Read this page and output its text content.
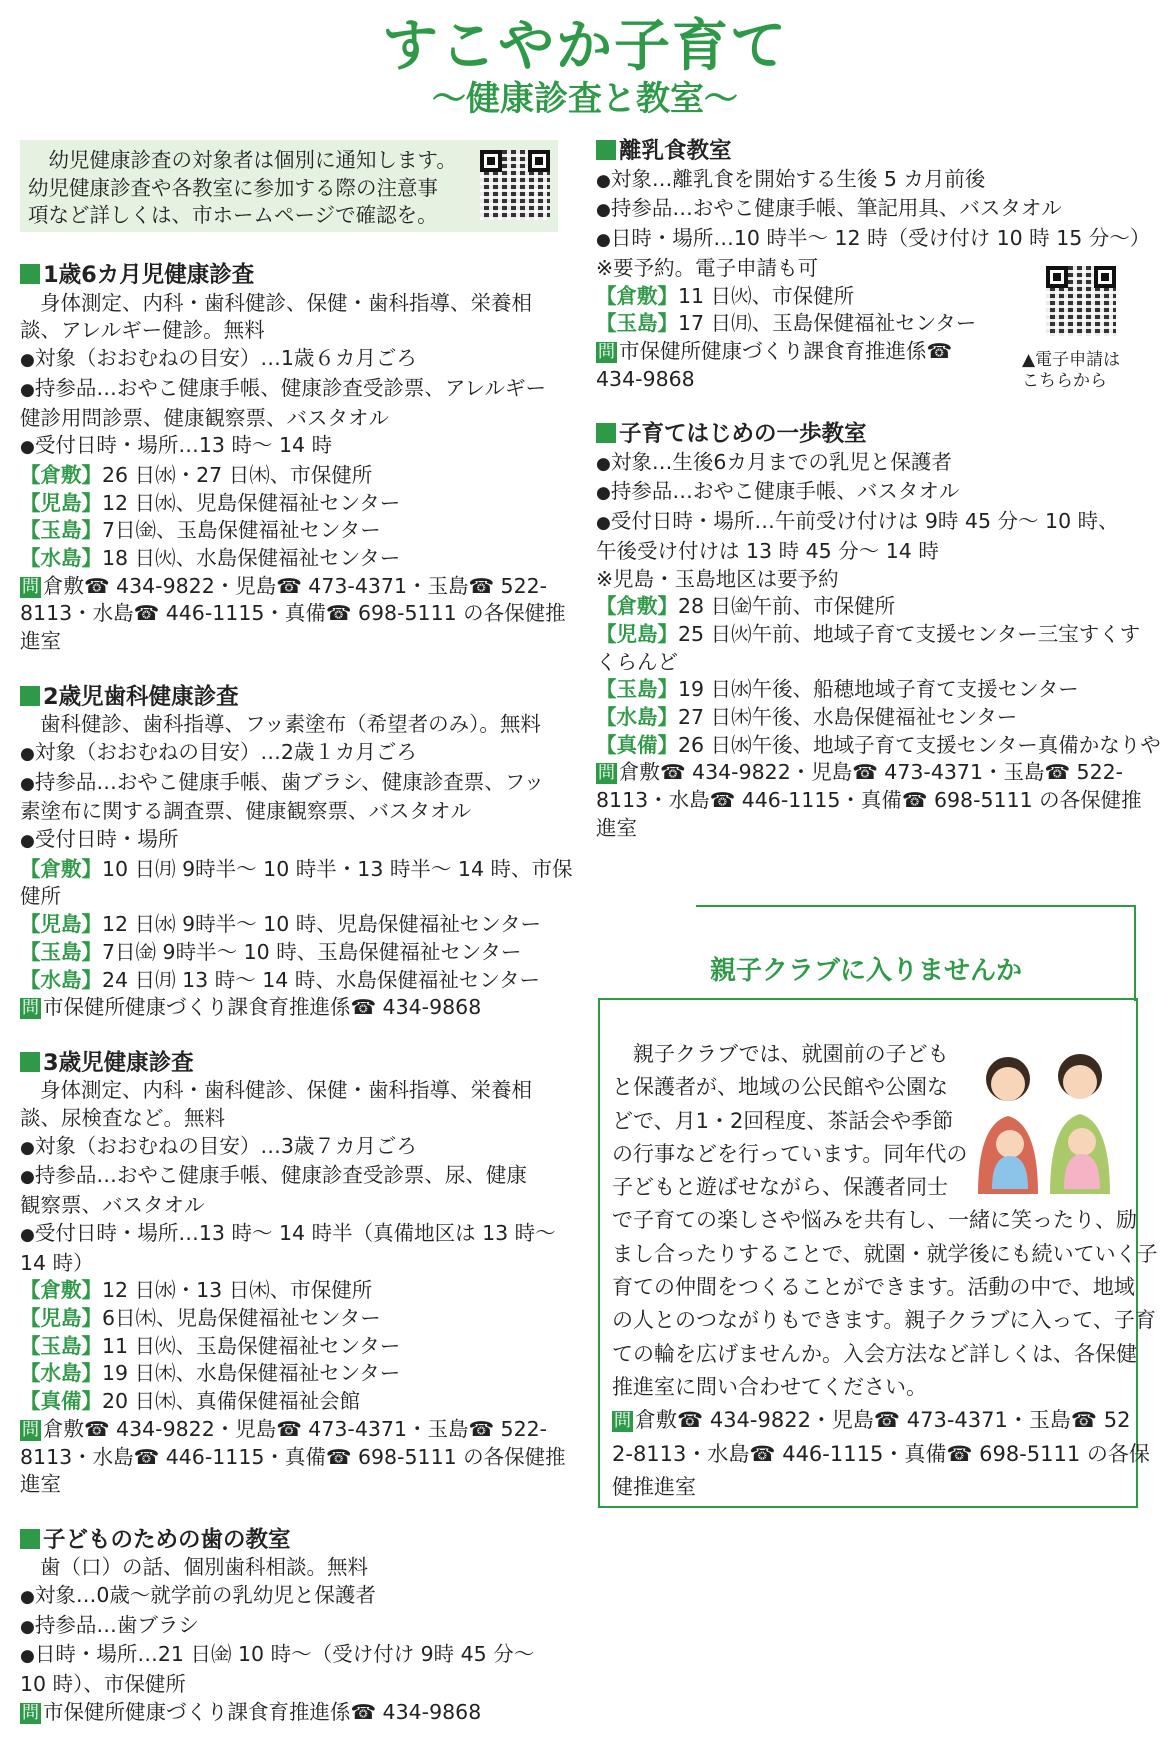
すこやか子育て
〜健康診査と教室〜

　幼児健康診査の対象者は個別に通知します。

幼児健康診査や各教室に参加する際の注意事

項など詳しくは、市ホームページで確認を。

1歳6カ月児健康診査

身体測定、内科・歯科健診、保健・歯科指導、栄養相

談、アレルギー健診。無料

●対象（おおむねの目安）…1歳６カ月ごろ

●持参品…おやこ健康手帳、健康診査受診票、アレルギー

健診用問診票、健康観察票、バスタオル

●受付日時・場所…13 時〜 14 時

【倉敷】26 日㈬・27 日㈭、市保健所

【児島】12 日㈬、児島保健福祉センター

【玉島】7日㈮、玉島保健福祉センター

【水島】18 日㈫、水島保健福祉センター

問 倉敷☎ 434-9822・児島☎ 473-4371・玉島☎ 522-

8113・水島☎ 446-1115・真備☎ 698-5111 の各保健推

進室

2歳児歯科健康診査

歯科健診、歯科指導、フッ素塗布（希望者のみ）。無料

●対象（おおむねの目安）…2歳１カ月ごろ

●持参品…おやこ健康手帳、歯ブラシ、健康診査票、フッ

素塗布に関する調査票、健康観察票、バスタオル

●受付日時・場所

【倉敷】10 日㈪ 9時半〜 10 時半・13 時半〜 14 時、市保

健所

【児島】12 日㈬ 9時半〜 10 時、児島保健福祉センター

【玉島】7日㈮ 9時半〜 10 時、玉島保健福祉センター

【水島】24 日㈪ 13 時〜 14 時、水島保健福祉センター

問 市保健所健康づくり課食育推進係☎ 434-9868

3歳児健康診査

身体測定、内科・歯科健診、保健・歯科指導、栄養相

談、尿検査など。無料

●対象（おおむねの目安）…3歳７カ月ごろ

●持参品…おやこ健康手帳、健康診査受診票、尿、健康

観察票、バスタオル

●受付日時・場所…13 時〜 14 時半（真備地区は 13 時〜

14 時）

【倉敷】12 日㈬・13 日㈭、市保健所

【児島】6日㈭、児島保健福祉センター

【玉島】11 日㈫、玉島保健福祉センター

【水島】19 日㈭、水島保健福祉センター

【真備】20 日㈭、真備保健福祉会館

問 倉敷☎ 434-9822・児島☎ 473-4371・玉島☎ 522-

8113・水島☎ 446-1115・真備☎ 698-5111 の各保健推

進室

子どものための歯の教室

歯（口）の話、個別歯科相談。無料

●対象…0歳〜就学前の乳幼児と保護者

●持参品…歯ブラシ

●日時・場所…21 日㈮ 10 時〜（受け付け 9時 45 分〜

10 時）、市保健所

問 市保健所健康づくり課食育推進係☎ 434-9868

離乳食教室

●対象…離乳食を開始する生後 5 カ月前後

●持参品…おやこ健康手帳、筆記用具、バスタオル

●日時・場所…10 時半〜 12 時（受け付け 10 時 15 分〜）

※要予約。電子申請も可

【倉敷】11 日㈫、市保健所

【玉島】17 日㈪、玉島保健福祉センター

問 市保健所健康づくり課食育推進係☎

434-9868

子育てはじめの一歩教室

●対象…生後6カ月までの乳児と保護者

●持参品…おやこ健康手帳、バスタオル

●受付日時・場所…午前受け付けは 9時 45 分〜 10 時、

午後受け付けは 13 時 45 分〜 14 時

※児島・玉島地区は要予約

【倉敷】28 日㈮午前、市保健所

【児島】25 日㈫午前、地域子育て支援センター三宝すくす

くらんど

【玉島】19 日㈬午後、船穂地域子育て支援センター

【水島】27 日㈭午後、水島保健福祉センター

【真備】26 日㈬午後、地域子育て支援センター真備かなりや

問 倉敷☎ 434-9822・児島☎ 473-4371・玉島☎ 522-

8113・水島☎ 446-1115・真備☎ 698-5111 の各保健推

進室

▲電子申請は

こちらから

親子クラブに入りませんか

　親子クラブでは、就園前の子ども

と保護者が、地域の公民館や公園な

どで、月1・2回程度、茶話会や季節

の行事などを行っています。同年代の

子どもと遊ばせながら、保護者同士

で子育ての楽しさや悩みを共有し、一緒に笑ったり、励

まし合ったりすることで、就園・就学後にも続いていく子

育ての仲間をつくることができます。活動の中で、地域

の人とのつながりもできます。親子クラブに入って、子育

ての輪を広げませんか。入会方法など詳しくは、各保健

推進室に問い合わせてください。

問 倉敷☎ 434-9822・児島☎ 473-4371・玉島☎ 52

2-8113・水島☎ 446-1115・真備☎ 698-5111 の各保

健推進室
